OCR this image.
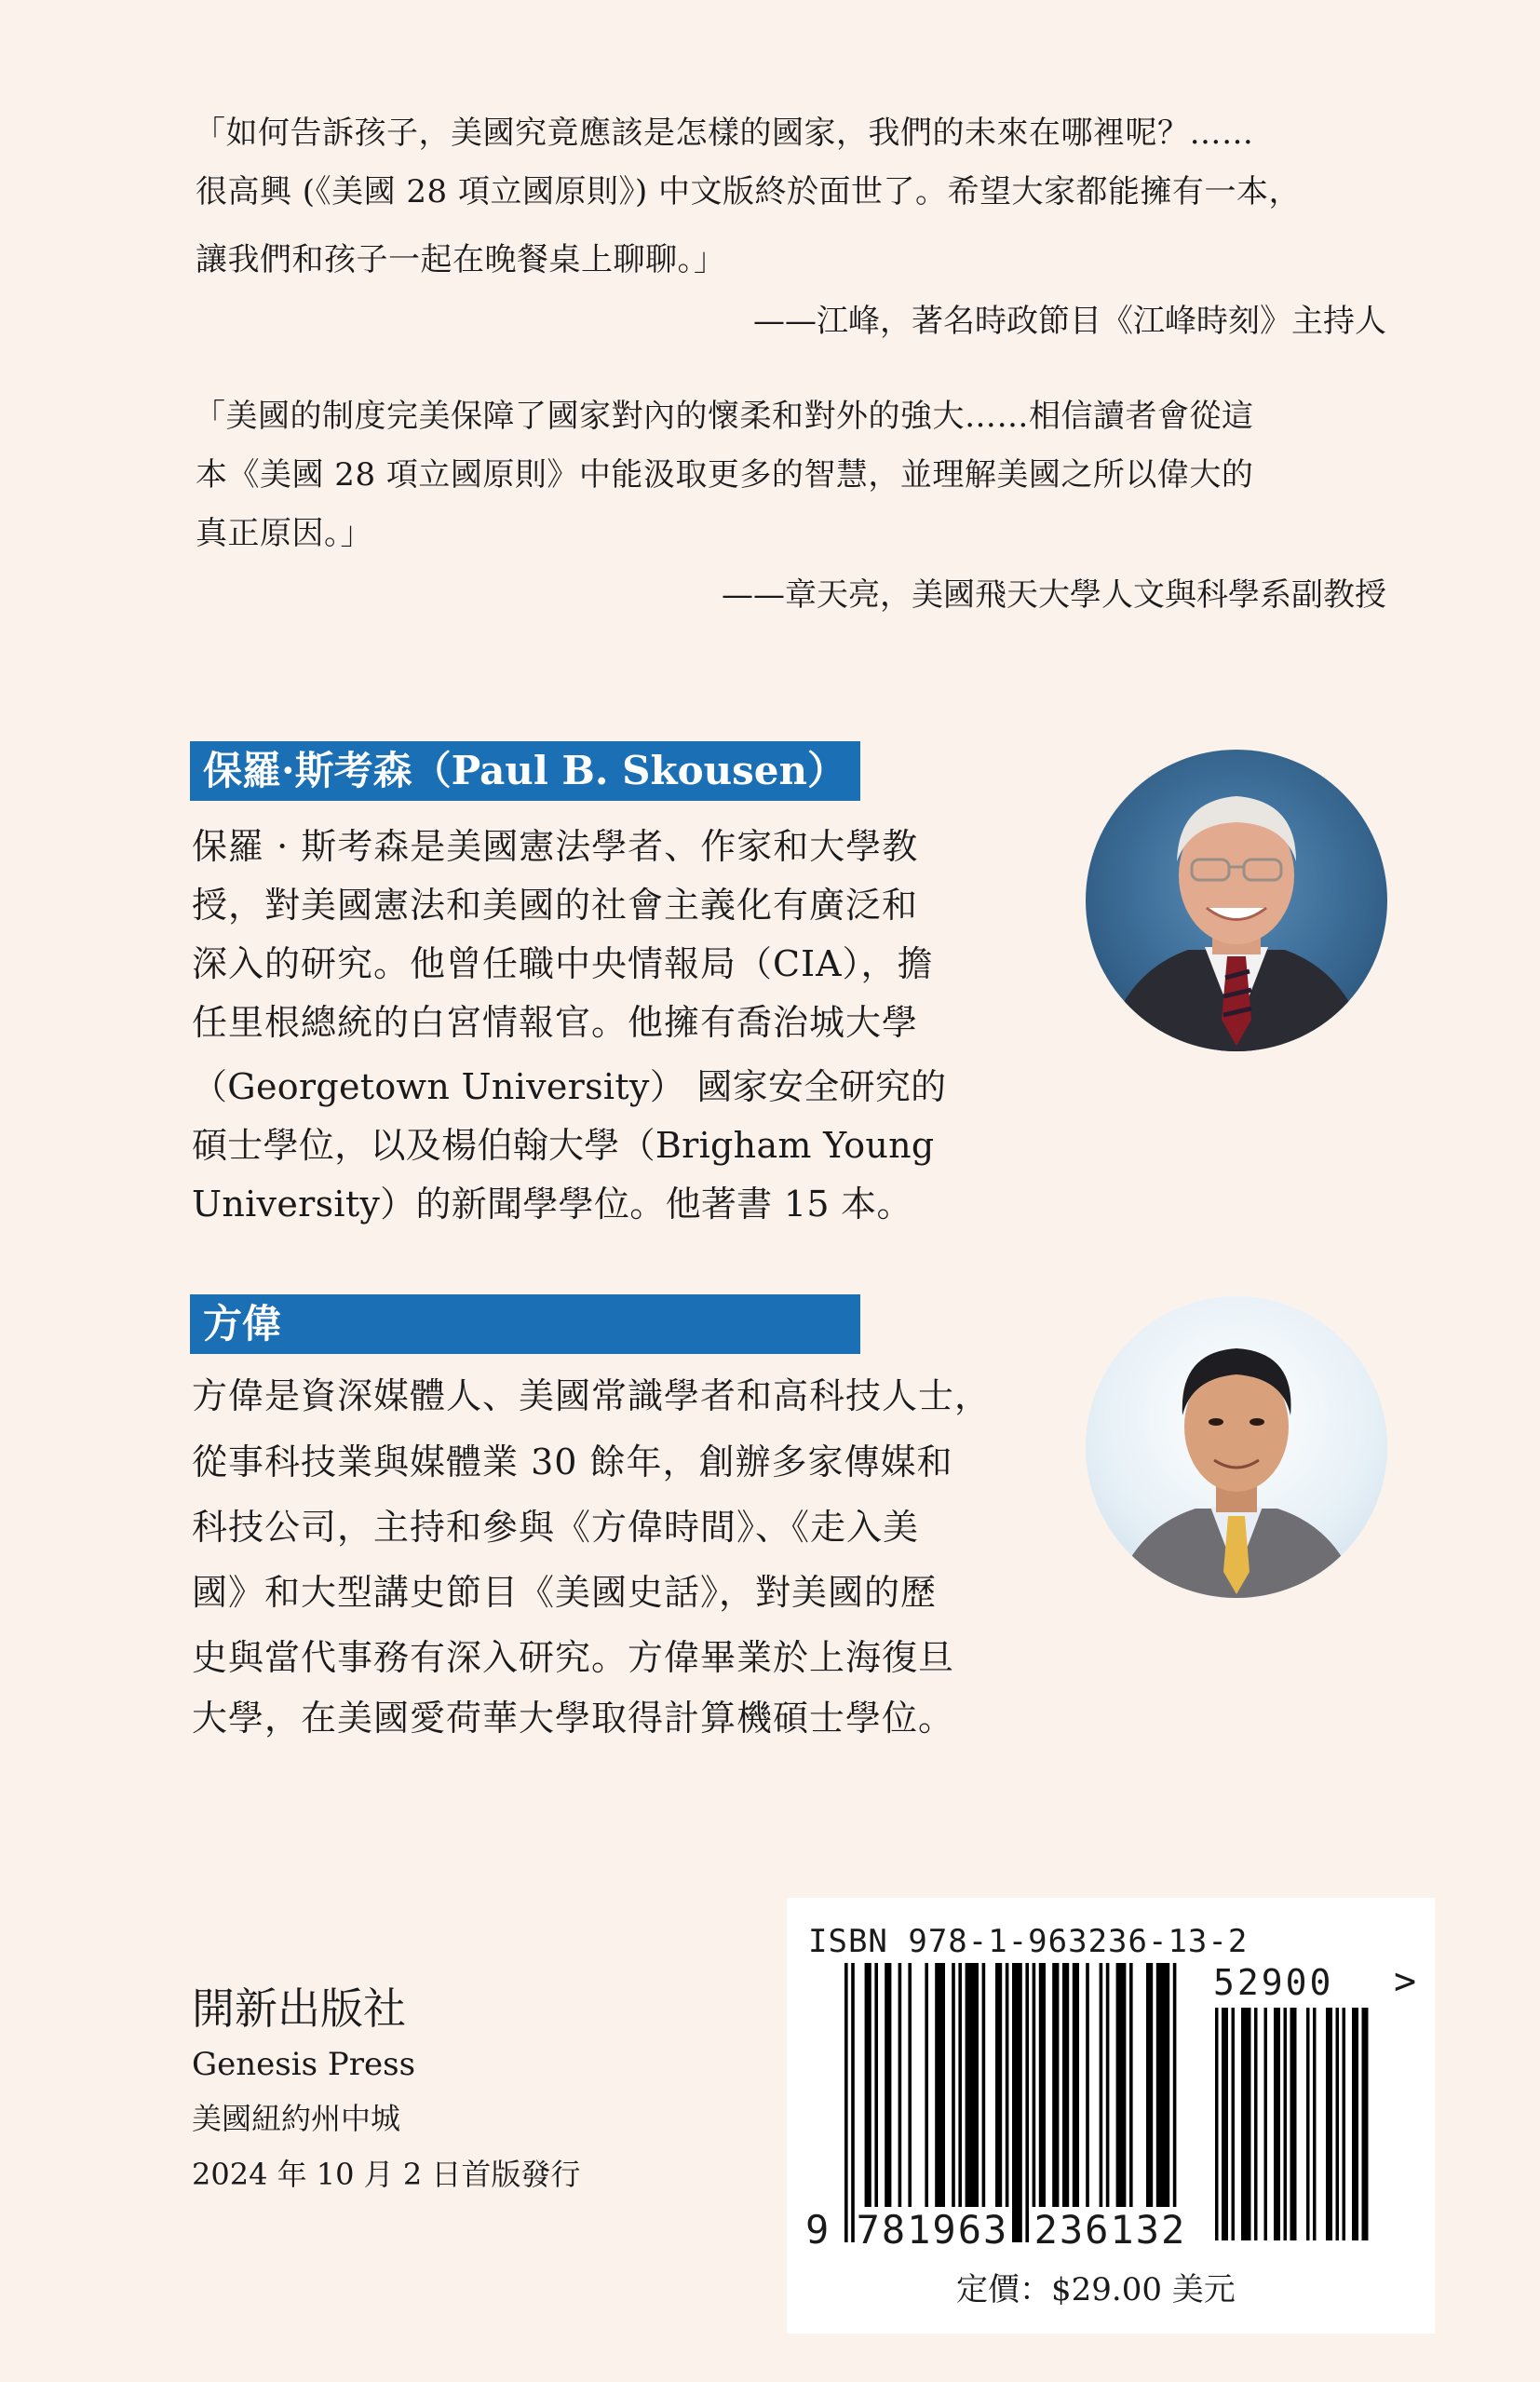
「如何告訴孩子，美國究竟應該是怎樣的國家，我們的未來在哪裡呢？……
很高興 (《美國 28 項立國原則》) 中文版終於面世了。希望大家都能擁有一本，
讓我們和孩子一起在晚餐桌上聊聊。」
——江峰，著名時政節目《江峰時刻》主持人
「美國的制度完美保障了國家對內的懷柔和對外的強大……相信讀者會從這
本《美國 28 項立國原則》中能汲取更多的智慧，並理解美國之所以偉大的
真正原因。」
——章天亮，美國飛天大學人文與科學系副教授
保羅·斯考森（Paul B. Skousen）
保羅 · 斯考森是美國憲法學者、作家和大學教
授，對美國憲法和美國的社會主義化有廣泛和
深入的研究。他曾任職中央情報局（CIA），擔
任里根總統的白宮情報官。他擁有喬治城大學
（Georgetown University） 國家安全研究的
碩士學位，以及楊伯翰大學（Brigham Young
University）的新聞學學位。他著書 15 本。
方偉
方偉是資深媒體人、美國常識學者和高科技人士，
從事科技業與媒體業 30 餘年，創辦多家傳媒和
科技公司，主持和參與《方偉時間》、《走入美
國》和大型講史節目《美國史話》，對美國的歷
史與當代事務有深入研究。方偉畢業於上海復旦
大學，在美國愛荷華大學取得計算機碩士學位。
開新出版社
Genesis Press
美國紐約州中城
2024 年 10 月 2 日首版發行
ISBN 978-1-963236-13-2
52900 >
9 781963 236132
定價：$29.00 美元
